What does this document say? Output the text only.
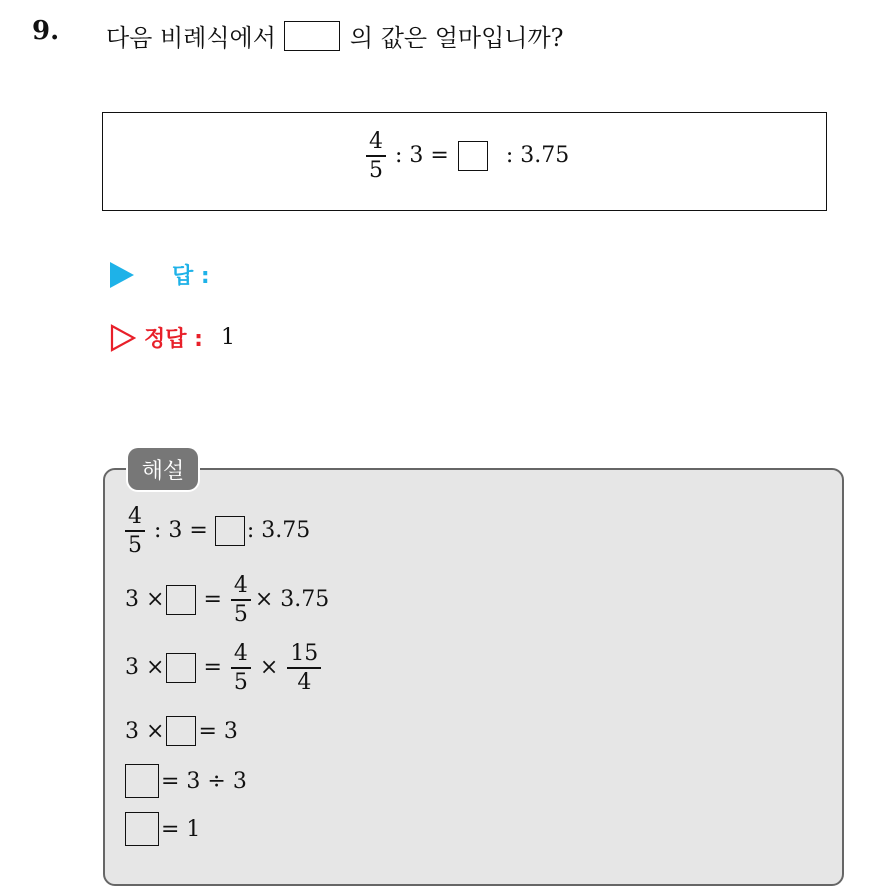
9. 다음 비례식에서	의 값은 얼마입니까?
$\frac{4}{5}$ : 3 =	: 3.75
답 :
정답 : 1
해설
$\frac{4}{5}$ : 3 = : 3.75
3 × = $\frac{4}{5} \times 3.75$
3 × = $\frac{4}{5} \times \frac{15}{4}$
3 × = 3
= 3 ÷ 3
= 1
